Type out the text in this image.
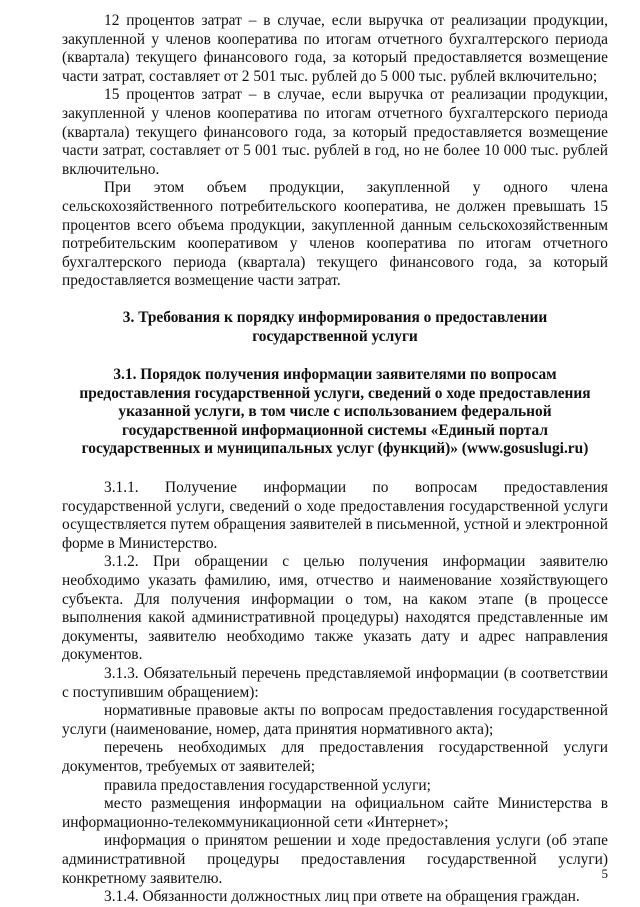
12 процентов затрат – в случае, если выручка от реализации продукции, закупленной у членов кооператива по итогам отчетного бухгалтерского периода (квартала) текущего финансового года, за который предоставляется возмещение части затрат, составляет от 2 501 тыс. рублей до 5 000 тыс. рублей включительно;

15 процентов затрат – в случае, если выручка от реализации продукции, закупленной у членов кооператива по итогам отчетного бухгалтерского периода (квартала) текущего финансового года, за который предоставляется возмещение части затрат, составляет от 5 001 тыс. рублей в год, но не более 10 000 тыс. рублей включительно.

При этом объем продукции, закупленной у одного члена сельскохозяйственного потребительского кооператива, не должен превышать 15 процентов всего объема продукции, закупленной данным сельскохозяйственным потребительским кооперативом у членов кооператива по итогам отчетного бухгалтерского периода (квартала) текущего финансового года, за который предоставляется возмещение части затрат.

3. Требования к порядку информирования о предоставлении государственной услуги
3.1. Порядок получения информации заявителями по вопросам предоставления государственной услуги, сведений о ходе предоставления указанной услуги, в том числе с использованием федеральной государственной информационной системы «Единый портал государственных и муниципальных услуг (функций)» (www.gosuslugi.ru)

3.1.1. Получение информации по вопросам предоставления государственной услуги, сведений о ходе предоставления государственной услуги осуществляется путем обращения заявителей в письменной, устной и электронной форме в Министерство.

3.1.2. При обращении с целью получения информации заявителю необходимо указать фамилию, имя, отчество и наименование хозяйствующего субъекта. Для получения информации о том, на каком этапе (в процессе выполнения какой административной процедуры) находятся представленные им документы, заявителю необходимо также указать дату и адрес направления документов.

3.1.3. Обязательный перечень представляемой информации (в соответствии с поступившим обращением):

нормативные правовые акты по вопросам предоставления государственной услуги (наименование, номер, дата принятия нормативного акта);

перечень необходимых для предоставления государственной услуги документов, требуемых от заявителей;

правила предоставления государственной услуги;

место размещения информации на официальном сайте Министерства в информационно-телекоммуникационной сети «Интернет»;

информация о принятом решении и ходе предоставления услуги (об этапе административной процедуры предоставления государственной услуги) конкретному заявителю.

3.1.4. Обязанности должностных лиц при ответе на обращения граждан.

5
